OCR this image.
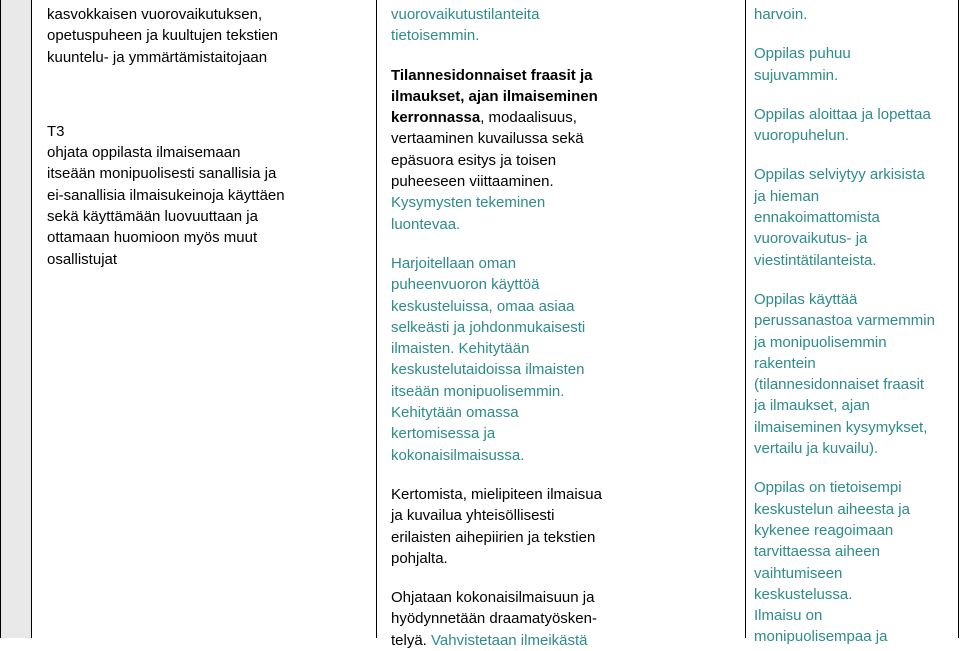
kasvokkaisen vuorovaikutuksen,
opetuspuheen ja kuultujen tekstien
kuuntelu- ja ymmärtämistaitojaan

T3

ohjata oppilasta ilmaisemaan
itseään monipuolisesti sanallisia ja
ei-sanallisia ilmaisukeinoja käyttäen
sekä käyttämään luovuuttaan ja
ottamaan huomioon myös muut
osallistujat

vuorovaikutustilanteita
tietoisemmin.

Tilannesidonnaiset fraasit ja
ilmaukset, ajan ilmaiseminen
kerronnassa, modaalisuus,
vertaaminen kuvailussa sekä
epäsuora esitys ja toisen
puheeseen viittaaminen.

Kysymysten tekeminen
luontevaa.

Harjoitellaan oman
puheenvuoron käyttöä
keskusteluissa, omaa asiaa
selkeästi ja johdonmukaisesti
ilmaisten. Kehitytään
keskustelutaidoissa ilmaisten
itseään monipuolisemmin.
Kehitytään omassa
kertomisessa ja
kokonaisilmaisussa.

Kertomista, mielipiteen ilmaisua
ja kuvailua yhteisöllisesti
erilaisten aihepiirien ja tekstien
pohjalta.

Ohjataan kokonaisilmaisuun ja
hyödynnetään draamatyösken-
telyä. Vahvistetaan ilmeikästä

harvoin.

Oppilas puhuu
sujuvammin.

Oppilas aloittaa ja lopettaa
vuoropuhelun.

Oppilas selviytyy arkisista
ja hieman
ennakoimattomista
vuorovaikutus- ja
viestintätilanteista.

Oppilas käyttää
perussanastoa varmemmin
ja monipuolisemmin
rakentein
(tilannesidonnaiset fraasit
ja ilmaukset, ajan
ilmaiseminen kysymykset,
vertailu ja kuvailu).

Oppilas on tietoisempi
keskustelun aiheesta ja
kykenee reagoimaan
tarvittaessa aiheen
vaihtumiseen
keskustelussa.
Ilmaisu on
monipuolisempaa ja
